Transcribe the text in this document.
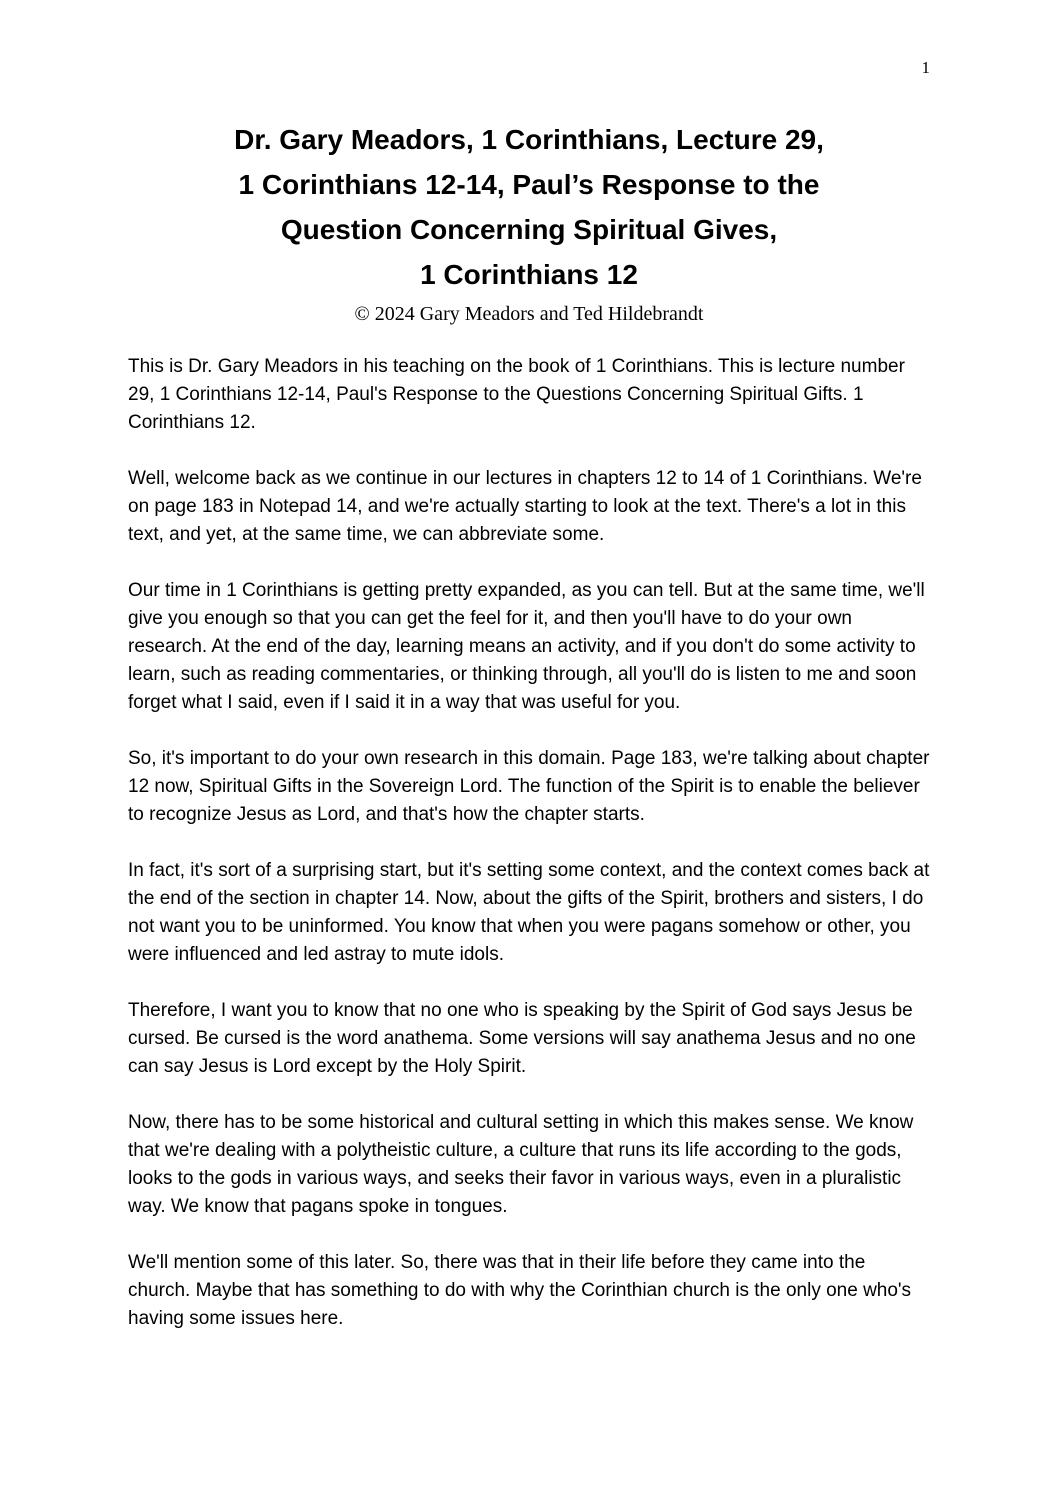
1
Dr. Gary Meadors, 1 Corinthians, Lecture 29,
1 Corinthians 12-14, Paul’s Response to the
Question Concerning Spiritual Gives,
1 Corinthians 12
© 2024 Gary Meadors and Ted Hildebrandt

This is Dr. Gary Meadors in his teaching on the book of 1 Corinthians. This is lecture number 29, 1 Corinthians 12-14, Paul's Response to the Questions Concerning Spiritual Gifts. 1 Corinthians 12.

Well, welcome back as we continue in our lectures in chapters 12 to 14 of 1 Corinthians. We're on page 183 in Notepad 14, and we're actually starting to look at the text. There's a lot in this text, and yet, at the same time, we can abbreviate some.

Our time in 1 Corinthians is getting pretty expanded, as you can tell. But at the same time, we'll give you enough so that you can get the feel for it, and then you'll have to do your own research. At the end of the day, learning means an activity, and if you don't do some activity to learn, such as reading commentaries, or thinking through, all you'll do is listen to me and soon forget what I said, even if I said it in a way that was useful for you.

So, it's important to do your own research in this domain. Page 183, we're talking about chapter 12 now, Spiritual Gifts in the Sovereign Lord. The function of the Spirit is to enable the believer to recognize Jesus as Lord, and that's how the chapter starts.

In fact, it's sort of a surprising start, but it's setting some context, and the context comes back at the end of the section in chapter 14. Now, about the gifts of the Spirit, brothers and sisters, I do not want you to be uninformed. You know that when you were pagans somehow or other, you were influenced and led astray to mute idols.

Therefore, I want you to know that no one who is speaking by the Spirit of God says Jesus be cursed. Be cursed is the word anathema. Some versions will say anathema Jesus and no one can say Jesus is Lord except by the Holy Spirit.

Now, there has to be some historical and cultural setting in which this makes sense. We know that we're dealing with a polytheistic culture, a culture that runs its life according to the gods, looks to the gods in various ways, and seeks their favor in various ways, even in a pluralistic way. We know that pagans spoke in tongues.

We'll mention some of this later. So, there was that in their life before they came into the church. Maybe that has something to do with why the Corinthian church is the only one who's having some issues here.
